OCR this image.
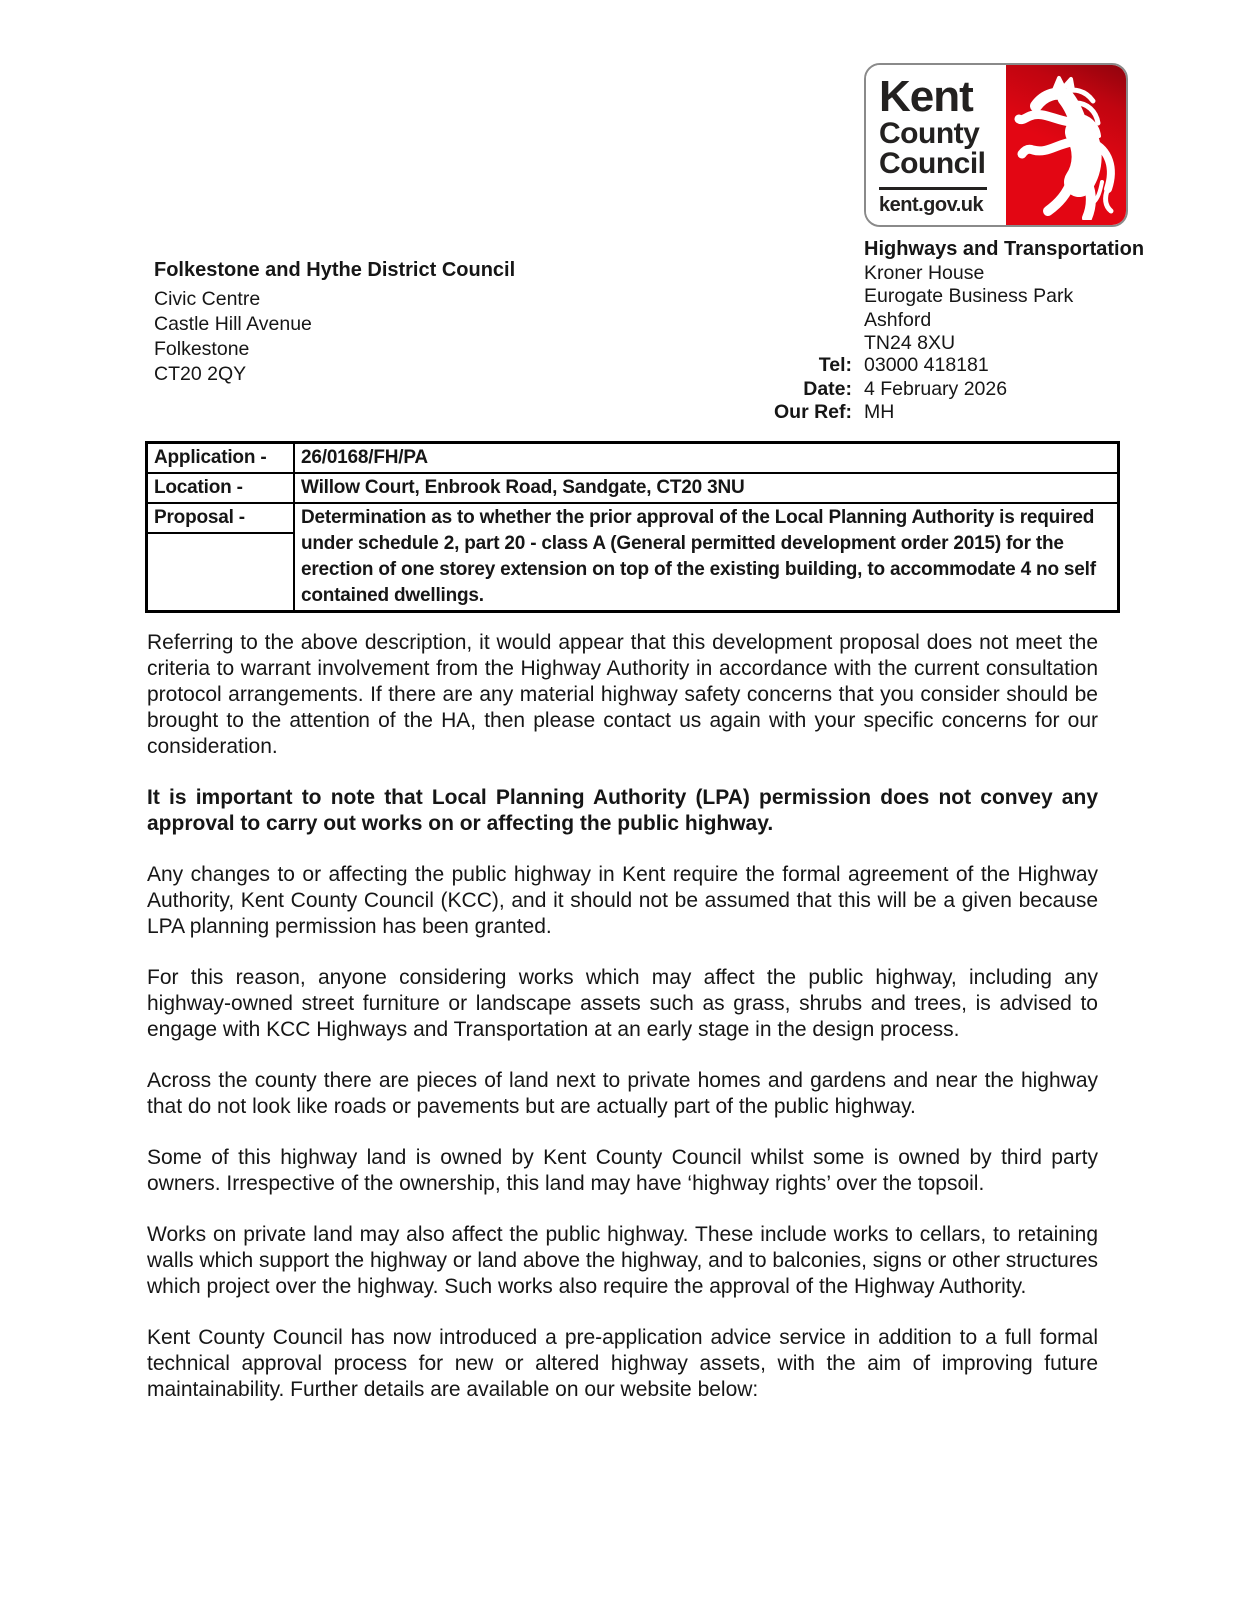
Kent
County
Council
kent.gov.uk
Highways and Transportation
Kroner House
Eurogate Business Park
Ashford
TN24 8XU
Tel: 03000 418181
Date: 4 February 2026
Our Ref: MH
Folkestone and Hythe District Council
Civic Centre
Castle Hill Avenue
Folkestone
CT20 2QY
Application -	26/0168/FH/PA
Location -	Willow Court, Enbrook Road, Sandgate, CT20 3NU

Proposal -	Determination as to whether the prior approval of the Local Planning Authority is required under schedule 2, part 20 - class A (General permitted development order 2015) for the erection of one storey extension on top of the existing building, to accommodate 4 no self contained dwellings.

Referring to the above description, it would appear that this development proposal does not meet the criteria to warrant involvement from the Highway Authority in accordance with the current consultation protocol arrangements. If there are any material highway safety concerns that you consider should be brought to the attention of the HA, then please contact us again with your specific concerns for our consideration.

It is important to note that Local Planning Authority (LPA) permission does not convey any approval to carry out works on or affecting the public highway.

Any changes to or affecting the public highway in Kent require the formal agreement of the Highway Authority, Kent County Council (KCC), and it should not be assumed that this will be a given because LPA planning permission has been granted.

For this reason, anyone considering works which may affect the public highway, including any highway-owned street furniture or landscape assets such as grass, shrubs and trees, is advised to engage with KCC Highways and Transportation at an early stage in the design process.

Across the county there are pieces of land next to private homes and gardens and near the highway that do not look like roads or pavements but are actually part of the public highway.

Some of this highway land is owned by Kent County Council whilst some is owned by third party owners. Irrespective of the ownership, this land may have ‘highway rights’ over the topsoil.

Works on private land may also affect the public highway. These include works to cellars, to retaining walls which support the highway or land above the highway, and to balconies, signs or other structures which project over the highway. Such works also require the approval of the Highway Authority.

Kent County Council has now introduced a pre-application advice service in addition to a full formal technical approval process for new or altered highway assets, with the aim of improving future maintainability. Further details are available on our website below:
